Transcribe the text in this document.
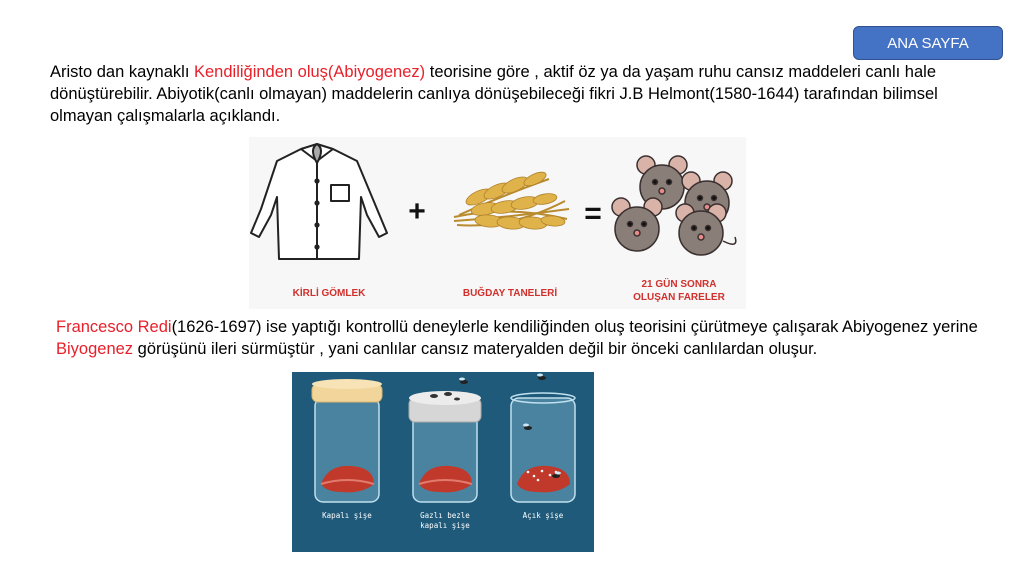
ANA SAYFA

Aristo dan kaynaklı Kendiliğinden oluş(Abiyogenez) teorisine göre , aktif öz ya da yaşam ruhu cansız maddeleri canlı hale dönüştürebilir. Abiyotik(canlı olmayan) maddelerin canlıya dönüşebileceği fikri J.B Helmont(1580-1644) tarafından bilimsel olmayan çalışmalarla açıklandı.

+	=
KİRLİ GÖMLEK	BUĞDAY TANELERİ
21 GÜN SONRA
OLUŞAN FARELER

Francesco Redi(1626-1697) ise yaptığı kontrollü deneylerle kendiliğinden oluş teorisini çürütmeye çalışarak Abiyogenez yerine Biyogenez görüşünü ileri sürmüştür , yani canlılar cansız materyalden değil bir önceki canlılardan oluşur.

Kapalı şişe	Gazlı bezle
kapalı şişe
Açık şişe
